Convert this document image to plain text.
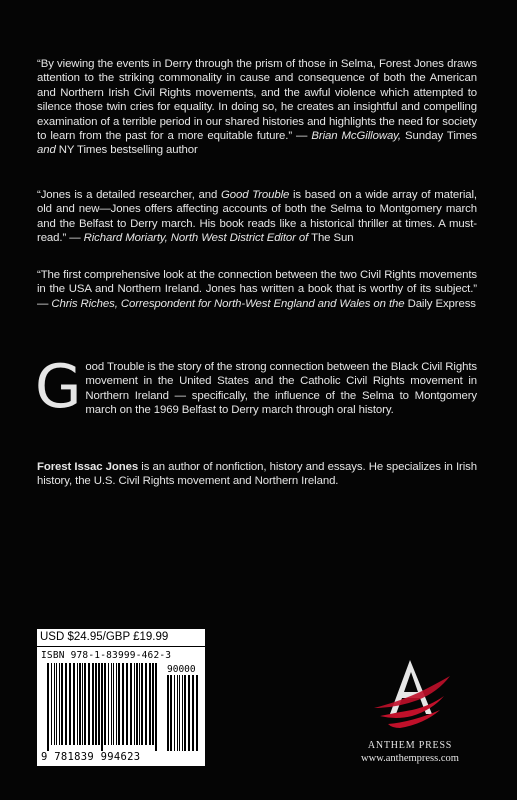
“By viewing the events in Derry through the prism of those in Selma, Forest Jones draws attention to the striking commonality in cause and consequence of both the American and Northern Irish Civil Rights movements, and the awful violence which attempted to silence those twin cries for equality. In doing so, he creates an insightful and compelling examination of a terrible period in our shared histories and highlights the need for society to learn from the past for a more equitable future.” — Brian McGilloway, Sunday Times and NY Times bestselling author
“Jones is a detailed researcher, and Good Trouble is based on a wide array of material, old and new—Jones offers affecting accounts of both the Selma to Montgomery march and the Belfast to Derry march. His book reads like a historical thriller at times. A must-read.” — Richard Moriarty, North West District Editor of The Sun
“The first comprehensive look at the connection between the two Civil Rights movements in the USA and Northern Ireland. Jones has written a book that is worthy of its subject.” — Chris Riches, Correspondent for North-West England and Wales on the Daily Express
Good Trouble is the story of the strong connection between the Black Civil Rights movement in the United States and the Catholic Civil Rights movement in Northern Ireland — specifically, the influence of the Selma to Montgomery march on the 1969 Belfast to Derry march through oral history.
Forest Issac Jones is an author of nonfiction, history and essays. He specializes in Irish history, the U.S. Civil Rights movement and Northern Ireland.
USD $24.95/GBP £19.99
ISBN 978-1-83999-462-3
90000
9 781839 994623
ANTHEM PRESS
www.anthempress.com
